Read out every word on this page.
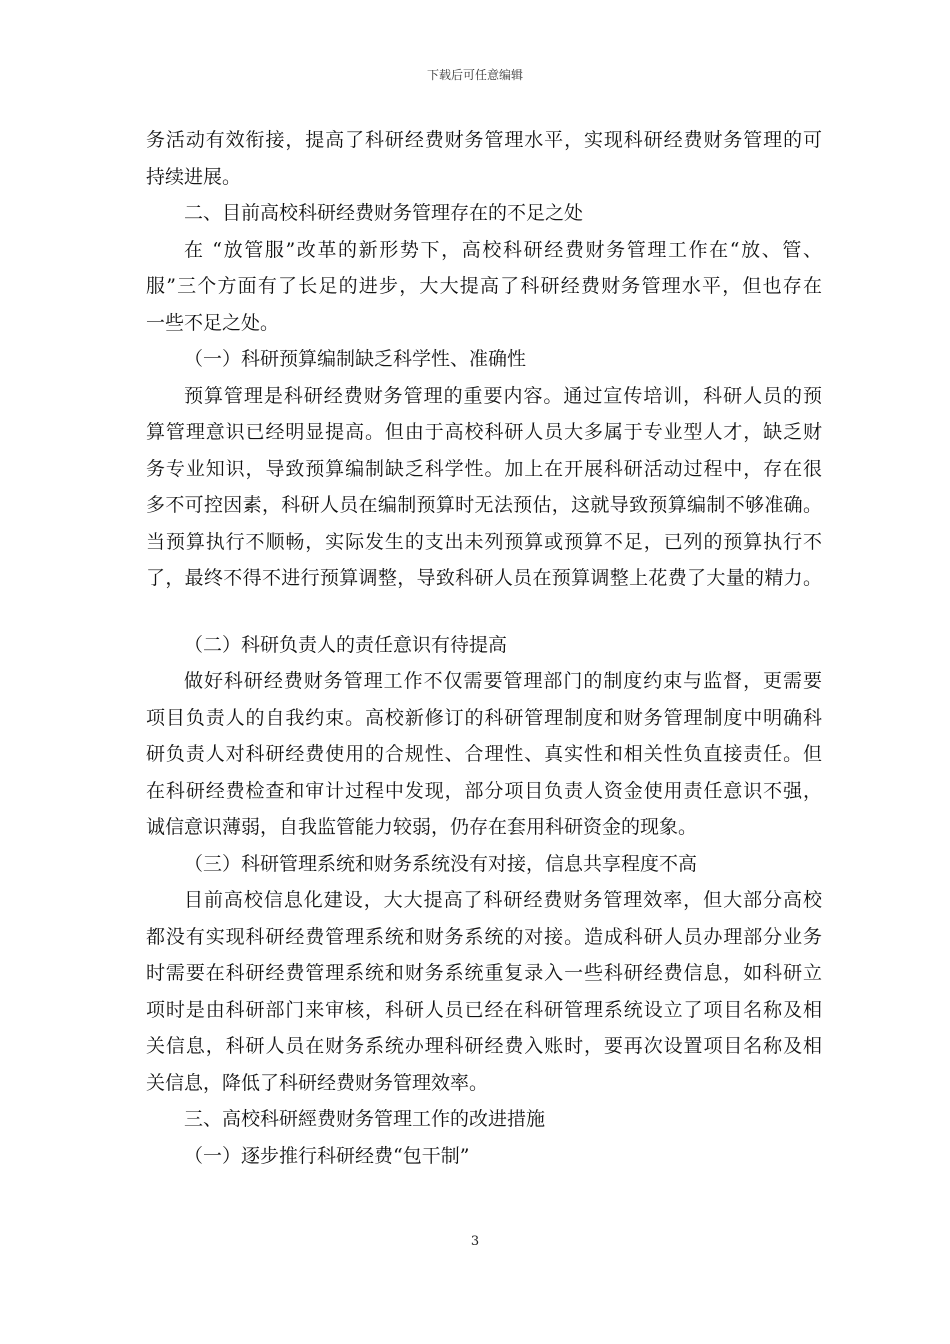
下载后可任意编辑
务活动有效衔接，提高了科研经费财务管理水平，实现科研经费财务管理的可
持续进展。
二、目前高校科研经费财务管理存在的不足之处
在 “放管服”改革的新形势下，高校科研经费财务管理工作在“放、管、
服”三个方面有了长足的进步，大大提高了科研经费财务管理水平，但也存在
一些不足之处。
（一）科研预算编制缺乏科学性、准确性
预算管理是科研经费财务管理的重要内容。通过宣传培训，科研人员的预
算管理意识已经明显提高。但由于高校科研人员大多属于专业型人才，缺乏财
务专业知识，导致预算编制缺乏科学性。加上在开展科研活动过程中，存在很
多不可控因素，科研人员在编制预算时无法预估，这就导致预算编制不够准确。
当预算执行不顺畅，实际发生的支出未列预算或预算不足，已列的预算执行不
了，最终不得不进行预算调整，导致科研人员在预算调整上花费了大量的精力。
（二）科研负责人的责任意识有待提高
做好科研经费财务管理工作不仅需要管理部门的制度约束与监督，更需要
项目负责人的自我约束。高校新修订的科研管理制度和财务管理制度中明确科
研负责人对科研经费使用的合规性、合理性、真实性和相关性负直接责任。但
在科研经费检查和审计过程中发现，部分项目负责人资金使用责任意识不强，
诚信意识薄弱，自我监管能力较弱，仍存在套用科研资金的现象。
（三）科研管理系统和财务系统没有对接，信息共享程度不高
目前高校信息化建设，大大提高了科研经费财务管理效率，但大部分高校
都没有实现科研经费管理系统和财务系统的对接。造成科研人员办理部分业务
时需要在科研经费管理系统和财务系统重复录入一些科研经费信息，如科研立
项时是由科研部门来审核，科研人员已经在科研管理系统设立了项目名称及相
关信息，科研人员在财务系统办理科研经费入账时，要再次设置项目名称及相
关信息，降低了科研经费财务管理效率。
三、高校科研經费财务管理工作的改进措施
（一）逐步推行科研经费“包干制”
3
